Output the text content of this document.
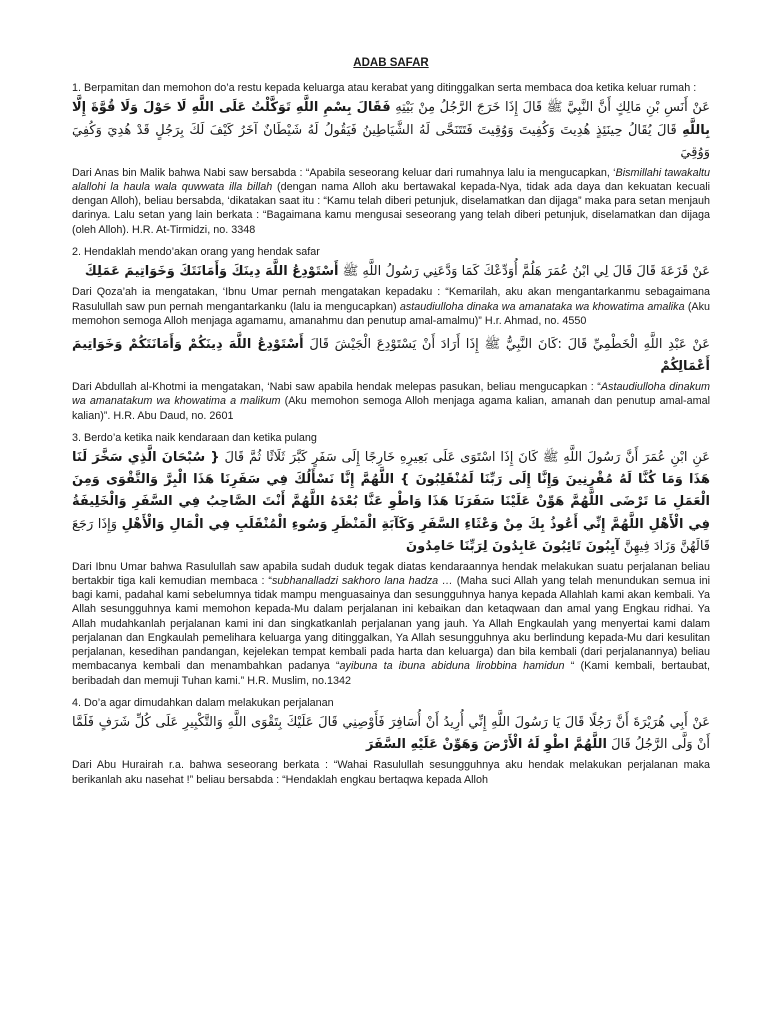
ADAB SAFAR
1. Berpamitan dan memohon do’a restu kepada keluarga atau kerabat yang ditinggalkan serta membaca doa ketika keluar rumah :
عَنْ أَنَسِ بْنِ مَالِكٍ أَنَّ النَّبِيَّ ﷺ قَالَ إِذَا خَرَجَ الرَّجُلُ مِنْ بَيْتِهِ فَقَالَ بِسْمِ اللَّهِ تَوَكَّلْتُ عَلَى اللَّهِ لَا حَوْلَ وَلَا قُوَّةَ إِلَّا بِاللَّهِ قَالَ يُقَالُ حِينَئِذٍ هُدِيتَ وَكُفِيتَ وَوُقِيتَ فَتَتَنَحَّى لَهُ الشَّيَاطِينُ فَيَقُولُ لَهُ شَيْطَانٌ آخَرُ كَيْفَ لَكَ بِرَجُلٍ قَدْ هُدِيَ وَكُفِيَ وَوُقِيَ
Dari Anas bin Malik bahwa Nabi saw bersabda : “Apabila seseorang keluar dari rumahnya lalu ia mengucapkan, ‘Bismillahi tawakaltu alallohi la haula wala quwwata illa billah (dengan nama Alloh aku bertawakal kepada-Nya, tidak ada daya dan kekuatan kecuali dengan Alloh), beliau bersabda, ‘dikatakan saat itu : “Kamu telah diberi petunjuk, diselamatkan dan dijaga” maka para setan menjauh darinya. Lalu setan yang lain berkata : “Bagaimana kamu mengusai seseorang yang telah diberi petunjuk, diselamatkan dan dijaga (oleh Alloh). H.R. At-Tirmidzi, no. 3348
2. Hendaklah mendo’akan orang yang hendak safar
عَنْ قَزَعَةَ قَالَ قَالَ لِي ابْنُ عُمَرَ هَلُمَّ أُوَدِّعْكَ كَمَا وَدَّعَنِي رَسُولُ اللَّهِ ﷺ أَسْتَوْدِعُ اللَّهَ دِينَكَ وَأَمَانَتَكَ وَخَوَاتِيمَ عَمَلِكَ
Dari Qoza’ah ia mengatakan, ‘Ibnu Umar pernah mengatakan kepadaku : “Kemarilah, aku akan mengantarkanmu sebagaimana Rasulullah saw pun pernah mengantarkanku (lalu ia mengucapkan) astaudiulloha dinaka wa amanataka wa khowatima amalika (Aku memohon semoga Alloh menjaga agamamu, amanahmu dan penutup amal-amalmu)” H.r. Ahmad, no. 4550
عَنْ عَبْدِ اللَّهِ الْخَطْمِيِّ قَالَ :كَانَ النَّبِيُّ ﷺ إِذَا أَرَادَ أَنْ يَسْتَوْدِعَ الْجَيْشَ قَالَ أَسْتَوْدِعُ اللَّهَ دِينَكُمْ وَأَمَانَتَكُمْ وَخَوَاتِيمَ أَعْمَالِكُمْ
Dari Abdullah al-Khotmi ia mengatakan, ‘Nabi saw apabila hendak melepas pasukan, beliau mengucapkan : “Astaudiulloha dinakum wa amanatakum wa khowatima a malikum (Aku memohon semoga Alloh menjaga agama kalian, amanah dan penutup amal-amal kalian)”. H.R. Abu Daud, no. 2601
3. Berdo’a ketika naik kendaraan dan ketika pulang
عَنِ ابْنِ عُمَرَ أَنَّ رَسُولَ اللَّهِ ﷺ كَانَ إِذَا اسْتَوَى عَلَى بَعِيرِهِ خَارِجًا إِلَى سَفَرٍ كَبَّرَ ثَلَاثًا ثُمَّ قَالَ { سُبْحَانَ الَّذِي سَخَّرَ لَنَا هَذَا وَمَا كُنَّا لَهُ مُقْرِنِينَ وَإِنَّا إِلَى رَبِّنَا لَمُنْقَلِبُونَ } اللَّهُمَّ إِنَّا نَسْأَلُكَ فِي سَفَرِنَا هَذَا الْبِرَّ وَالتَّقْوَى وَمِنَ الْعَمَلِ مَا تَرْضَى اللَّهُمَّ هَوِّنْ عَلَيْنَا سَفَرَنَا هَذَا وَاطْوِ عَنَّا بُعْدَهُ اللَّهُمَّ أَنْتَ الصَّاحِبُ فِي السَّفَرِ وَالْخَلِيفَةُ فِي الْأَهْلِ اللَّهُمَّ إِنِّي أَعُوذُ بِكَ مِنْ وَعْثَاءِ السَّفَرِ وَكَآبَةِ الْمَنْظَرِ وَسُوءِ الْمُنْقَلَبِ فِي الْمَالِ وَالْأَهْلِ وَإِذَا رَجَعَ قَالَهُنَّ وَزَادَ فِيهِنَّ آيِبُونَ تَائِبُونَ عَابِدُونَ لِرَبِّنَا حَامِدُونَ
Dari Ibnu Umar bahwa Rasulullah saw apabila sudah duduk tegak diatas kendaraannya hendak melakukan suatu perjalanan beliau bertakbir tiga kali kemudian membaca : “subhanalladzi sakhoro lana hadza … (Maha suci Allah yang telah menundukan semua ini bagi kami, padahal kami sebelumnya tidak mampu menguasainya dan sesungguhnya hanya kepada Allahlah kami akan kembali. Ya Allah sesungguhnya kami memohon kepada-Mu dalam perjalanan ini kebaikan dan ketaqwaan dan amal yang Engkau ridhai. Ya Allah mudahkanlah perjalanan kami ini dan singkatkanlah perjalanan yang jauh. Ya Allah Engkaulah yang menyertai kami dalam perjalanan dan Engkaulah pemelihara keluarga yang ditinggalkan, Ya Allah sesungguhnya aku berlindung kepada-Mu dari kesulitan perjalanan, kesedihan pandangan, kejelekan tempat kembali pada harta dan keluarga) dan bila kembali (dari perjalanannya) beliau membacanya kembali dan menambahkan padanya “ayibuna ta ibuna abiduna lirobbina hamidun “ (Kami kembali, bertaubat, beribadah dan memuji Tuhan kami.” H.R. Muslim, no.1342
4. Do’a agar dimudahkan dalam melakukan perjalanan
عَنْ أَبِي هُرَيْرَةَ أَنَّ رَجُلًا قَالَ يَا رَسُولَ اللَّهِ إِنِّي أُرِيدُ أَنْ أُسَافِرَ فَأَوْصِنِي قَالَ عَلَيْكَ بِتَقْوَى اللَّهِ وَالتَّكْبِيرِ عَلَى كُلِّ شَرَفٍ فَلَمَّا أَنْ وَلَّى الرَّجُلُ قَالَ اللَّهُمَّ اطْوِ لَهُ الْأَرْضَ وَهَوِّنْ عَلَيْهِ السَّفَرَ
Dari Abu Hurairah r.a. bahwa seseorang berkata : “Wahai Rasulullah sesungguhnya aku hendak melakukan perjalanan maka berikanlah aku nasehat !” beliau bersabda : “Hendaklah engkau bertaqwa kepada Alloh
